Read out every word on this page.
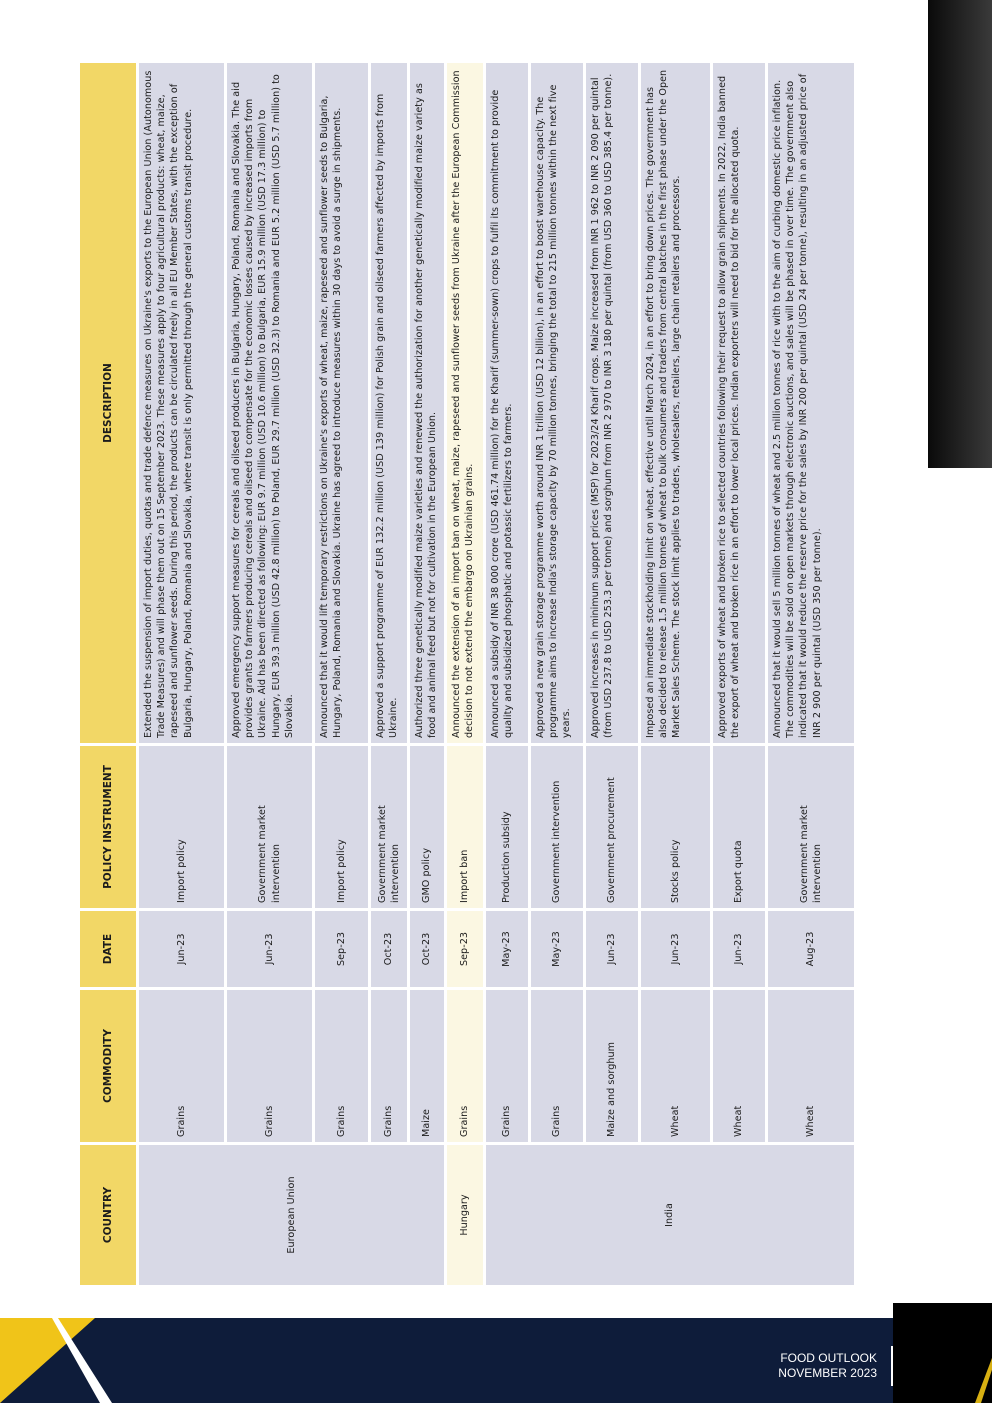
COUNTRY	COMMODITY	DATE	POLICY INSTRUMENT	DESCRIPTION
European Union	Grains	Jun-23	Import policy	Extended the suspension of import duties, quotas and trade defence measures on Ukraine's exports to the European Union (Autonomous Trade Measures) and will phase them out on 15 September 2023. These measures apply to four agricultural products: wheat, maize, rapeseed and sunflower seeds. During this period, the products can be circulated freely in all EU Member States, with the exception of Bulgaria, Hungary, Poland, Romania and Slovakia, where transit is only permitted through the general customs transit procedure.
	Grains	Jun-23	Government market intervention	Approved emergency support measures for cereals and oilseed producers in Bulgaria, Hungary, Poland, Romania and Slovakia. The aid provides grants to farmers producing cereals and oilseed to compensate for the economic losses caused by increased imports from Ukraine. Aid has been directed as following: EUR 9.7 million (USD 10.6 million) to Bulgaria, EUR 15.9 million (USD 17.3 million) to Hungary, EUR 39.3 million (USD 42.8 million) to Poland, EUR 29.7 million (USD 32.3) to Romania and EUR 5.2 million (USD 5.7 million) to Slovakia.
	Grains	Sep-23	Import policy	Announced that it would lift temporary restrictions on Ukraine's exports of wheat, maize, rapeseed and sunflower seeds to Bulgaria, Hungary, Poland, Romania and Slovakia. Ukraine has agreed to introduce measures within 30 days to avoid a surge in shipments.
	Grains	Oct-23	Government market intervention	Approved a support programme of EUR 132.2 million (USD 139 million) for Polish grain and oilseed farmers affected by imports from Ukraine.
	Maize	Oct-23	GMO policy	Authorized three genetically modified maize varieties and renewed the authorization for another genetically modified maize variety as food and animal feed but not for cultivation in the European Union.
Hungary	Grains	Sep-23	Import ban	Announced the extension of an import ban on wheat, maize, rapeseed and sunflower seeds from Ukraine after the European Commission decision to not extend the embargo on Ukrainian grains.
India	Grains	May-23	Production subsidy	Announced a subsidy of INR 38 000 crore (USD 461.74 million) for the Kharif (summer-sown) crops to fulfil its commitment to provide quality and subsidized phosphatic and potassic fertilizers to farmers.
	Grains	May-23	Government intervention	Approved a new grain storage programme worth around INR 1 trillion (USD 12 billion), in an effort to boost warehouse capacity. The programme aims to increase India's storage capacity by 70 million tonnes, bringing the total to 215 million tonnes within the next five years.
	Maize and sorghum	Jun-23	Government procurement	Approved increases in minimum support prices (MSP) for 2023/24 Kharif crops. Maize increased from INR 1 962 to INR 2 090 per quintal (from USD 237.8 to USD 253.3 per tonne) and sorghum from INR 2 970 to INR 3 180 per quintal (from USD 360 to USD 385.4 per tonne).
	Wheat	Jun-23	Stocks policy	Imposed an immediate stockholding limit on wheat, effective until March 2024, in an effort to bring down prices. The government has also decided to release 1.5 million tonnes of wheat to bulk consumers and traders from central batches in the first phase under the Open Market Sales Scheme. The stock limit applies to traders, wholesalers, retailers, large chain retailers and processors.
	Wheat	Jun-23	Export quota	Approved exports of wheat and broken rice to selected countries following their request to allow grain shipments. In 2022, India banned the export of wheat and broken rice in an effort to lower local prices. Indian exporters will need to bid for the allocated quota.
	Wheat	Aug-23	Government market intervention	Announced that it would sell 5 million tonnes of wheat and 2.5 million tonnes of rice with to the aim of curbing domestic price inflation. The commodities will be sold on open markets through electronic auctions, and sales will be phased in over time. The government also indicated that it would reduce the reserve price for the sales by INR 200 per quintal (USD 24 per tonne), resulting in an adjusted price of INR 2 900 per quintal (USD 350 per tonne).
FOOD OUTLOOK
NOVEMBER 2023
